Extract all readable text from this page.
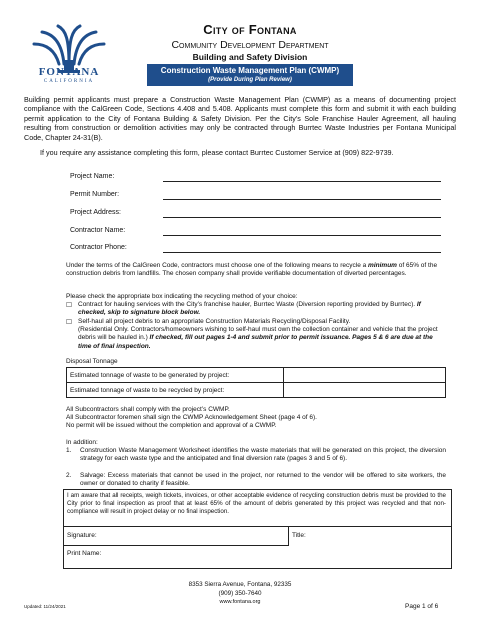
FONTANA
CALIFORNIA
City of Fontana
Community Development Department
Building and Safety Division
Construction Waste Management Plan (CWMP)
(Provide During Plan Review)
Building permit applicants must prepare a Construction Waste Management Plan (CWMP) as a means of documenting project compliance with the CalGreen Code, Sections 4.408 and 5.408. Applicants must complete this form and submit it with each building permit application to the City of Fontana Building & Safety Division. Per the City’s Sole Franchise Hauler Agreement, all hauling resulting from construction or demolition activities may only be contracted through Burrtec Waste Industries per Fontana Municipal Code, Chapter 24-31(B).
If you require any assistance completing this form, please contact Burrtec Customer Service at (909) 822-9739.
Project Name:
Permit Number:
Project Address:
Contractor Name:
Contractor Phone:
Under the terms of the CalGreen Code, contractors must choose one of the following means to recycle a minimum of 65% of the construction debris from landfills. The chosen company shall provide verifiable documentation of diverted percentages.
Please check the appropriate box indicating the recycling method of your choice:
☐ Contract for hauling services with the City’s franchise hauler, Burrtec Waste (Diversion reporting provided by Burrtec). If checked, skip to signature block below.
☐ Self-haul all project debris to an appropriate Construction Materials Recycling/Disposal Facility.
(Residential Only. Contractors/homeowners wishing to self-haul must own the collection container and vehicle that the project debris will be hauled in.) If checked, fill out pages 1-4 and submit prior to permit issuance. Pages 5 & 6 are due at the time of final inspection.
Disposal Tonnage
Estimated tonnage of waste to be generated by project:	
Estimated tonnage of waste to be recycled by project:	
All Subcontractors shall comply with the project’s CWMP.
All Subcontractor foremen shall sign the CWMP Acknowledgement Sheet (page 4 of 6).
No permit will be issued without the completion and approval of a CWMP.
In addition:
1.	Construction Waste Management Worksheet identifies the waste materials that will be generated on this project, the diversion strategy for each waste type and the anticipated and final diversion rate (pages 3 and 5 of 6).
2.	Salvage: Excess materials that cannot be used in the project, nor returned to the vendor will be offered to site workers, the owner or donated to charity if feasible.
I am aware that all receipts, weigh tickets, invoices, or other acceptable evidence of recycling construction debris must be provided to the City prior to final inspection as proof that at least 65% of the amount of debris generated by this project was recycled and that non-compliance will result in project delay or no final inspection.
Signature:	Title:
Print Name:
8353 Sierra Avenue, Fontana, 92335
(909) 350-7640
www.fontana.org
Updated: 11/24/2021	Page 1 of 6
